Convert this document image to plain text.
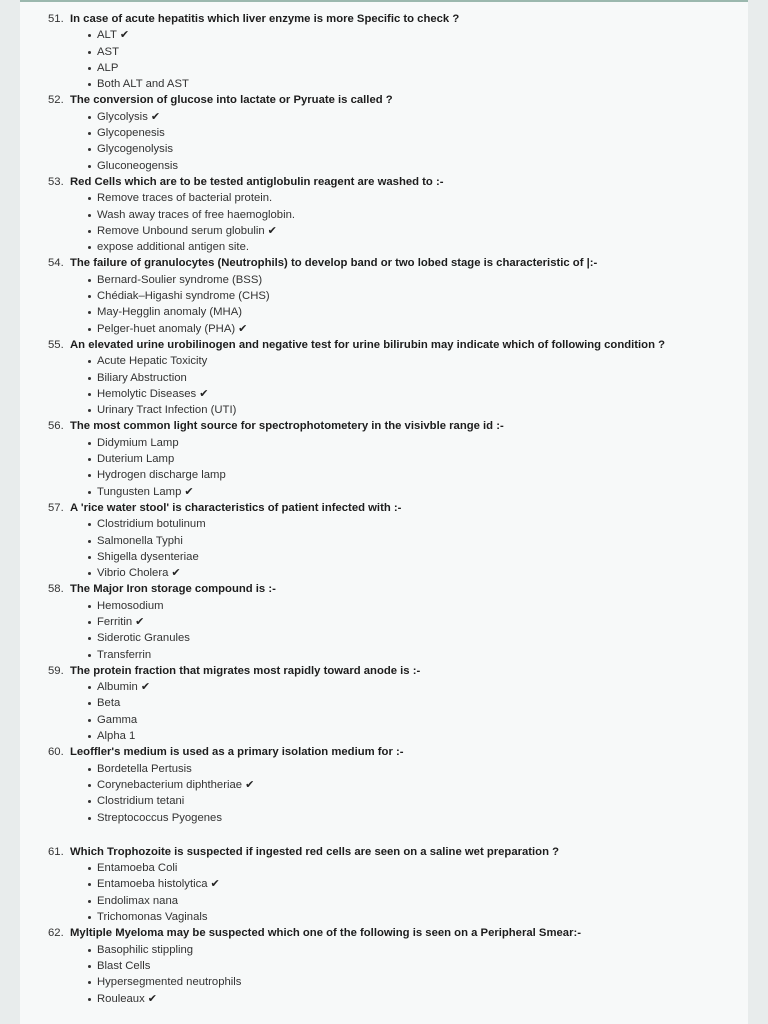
51. In case of acute hepatitis which liver enzyme is more Specific to check ?
ALT ✔
AST
ALP
Both ALT and AST
52. The conversion of glucose into lactate or Pyruate is called ?
Glycolysis ✔
Glycopenesis
Glycogenolysis
Gluconeogensis
53. Red Cells which are to be tested antiglobulin reagent are washed to :-
Remove traces of bacterial protein.
Wash away traces of free haemoglobin.
Remove Unbound serum globulin ✔
expose additional antigen site.
54. The failure of granulocytes (Neutrophils) to develop band or two lobed stage is characteristic of |:-
Bernard-Soulier syndrome (BSS)
Chédiak–Higashi syndrome (CHS)
May-Hegglin anomaly (MHA)
Pelger-huet anomaly (PHA) ✔
55. An elevated urine urobilinogen and negative test for urine bilirubin may indicate which of following condition ?
Acute Hepatic Toxicity
Biliary Abstruction
Hemolytic Diseases ✔
Urinary Tract Infection (UTI)
56. The most common light source for spectrophotometery in the visivble range id :-
Didymium Lamp
Duterium Lamp
Hydrogen discharge lamp
Tungusten Lamp ✔
57. A 'rice water stool' is characteristics of patient infected with :-
Clostridium botulinum
Salmonella Typhi
Shigella dysenteriae
Vibrio Cholera ✔
58. The Major Iron storage compound is :-
Hemosodium
Ferritin ✔
Siderotic Granules
Transferrin
59. The protein fraction that migrates most rapidly toward anode is :-
Albumin ✔
Beta
Gamma
Alpha 1
60. Leoffler's medium is used as a primary isolation medium for :-
Bordetella Pertusis
Corynebacterium diphtheriae ✔
Clostridium tetani
Streptococcus Pyogenes
61. Which Trophozoite is suspected if ingested red cells are seen on a saline wet preparation ?
Entamoeba Coli
Entamoeba histolytica ✔
Endolimax nana
Trichomonas Vaginals
62. Myltiple Myeloma may be suspected which one of the following is seen on a Peripheral Smear:-
Basophilic stippling
Blast Cells
Hypersegmented neutrophils
Rouleaux ✔
